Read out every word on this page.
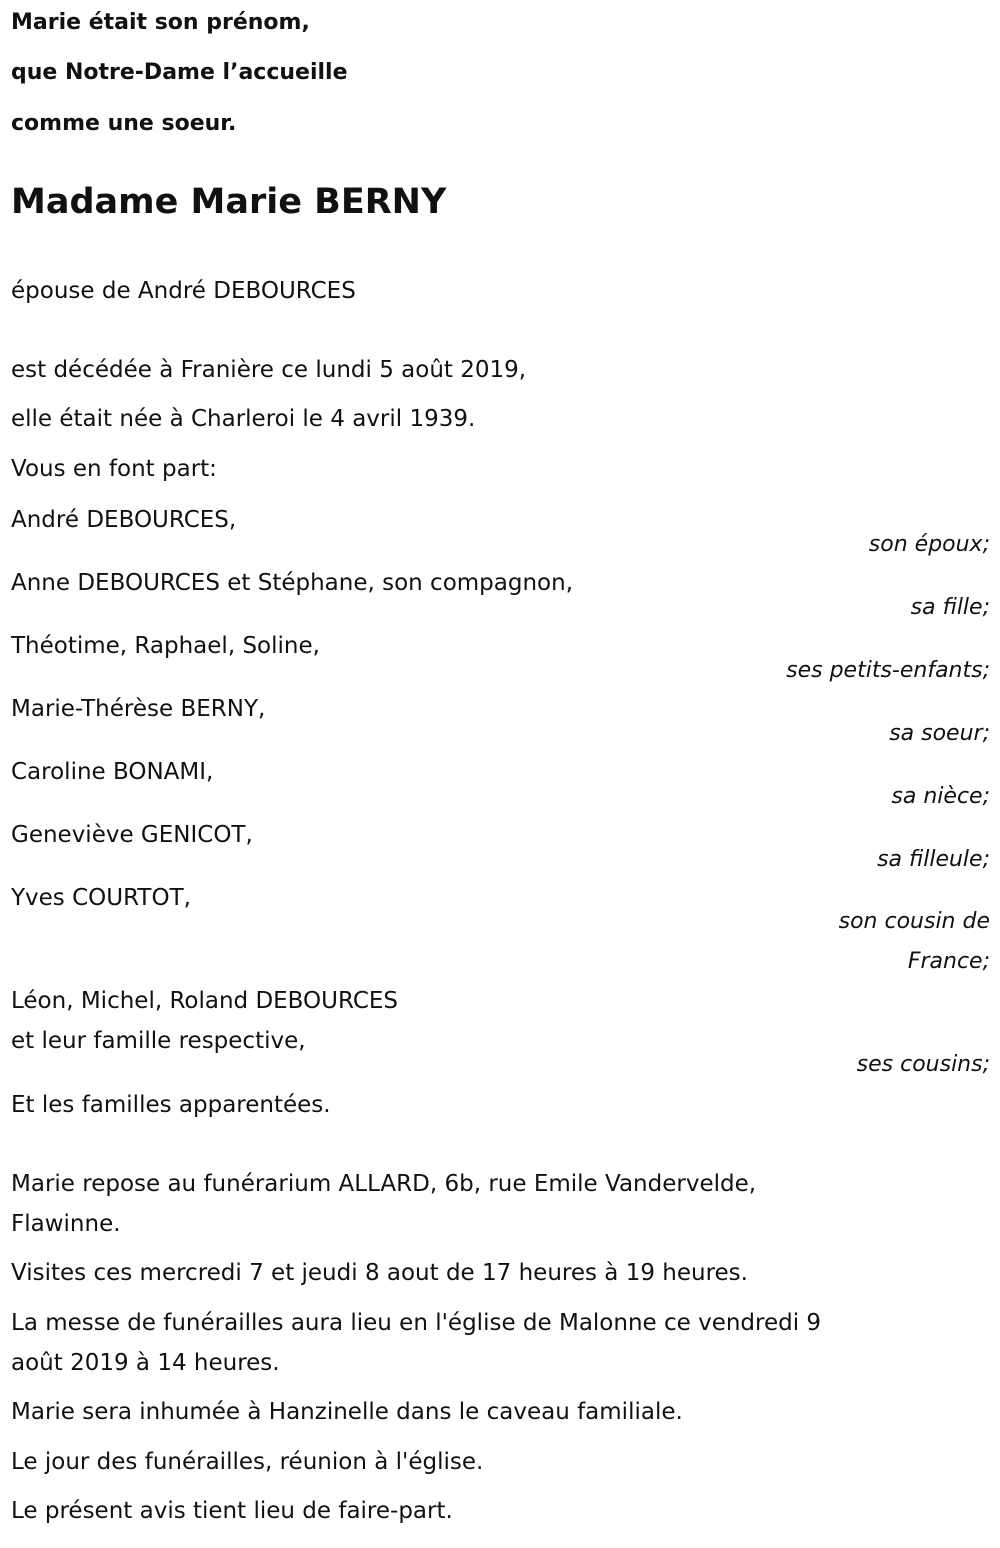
Marie était son prénom,
que Notre-Dame l’accueille
comme une soeur.
Madame Marie BERNY
épouse de André DEBOURCES
est décédée à Franière ce lundi 5 août 2019,
elle était née à Charleroi le 4 avril 1939.
Vous en font part:
André DEBOURCES,
son époux;
Anne DEBOURCES et Stéphane, son compagnon,
sa fille;
Théotime, Raphael, Soline,
ses petits-enfants;
Marie-Thérèse BERNY,
sa soeur;
Caroline BONAMI,
sa nièce;
Geneviève GENICOT,
sa filleule;
Yves COURTOT,
son cousin de
France;
Léon, Michel, Roland DEBOURCES
et leur famille respective,
ses cousins;
Et les familles apparentées.
Marie repose au funérarium ALLARD, 6b, rue Emile Vandervelde,
Flawinne.
Visites ces mercredi 7 et jeudi 8 aout de 17 heures à 19 heures.
La messe de funérailles aura lieu en l'église de Malonne ce vendredi 9
août 2019 à 14 heures.
Marie sera inhumée à Hanzinelle dans le caveau familiale.
Le jour des funérailles, réunion à l'église.
Le présent avis tient lieu de faire-part.
